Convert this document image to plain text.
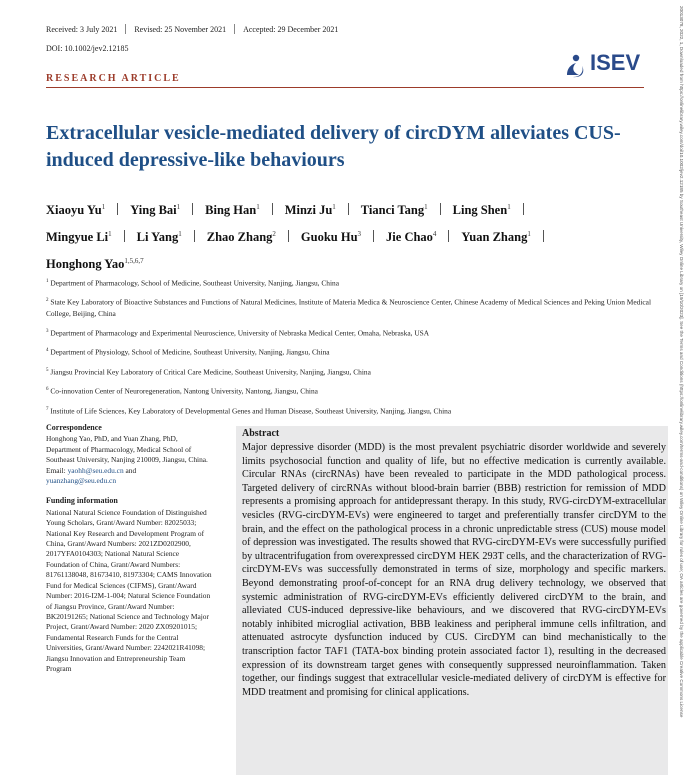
Received: 3 July 2021 Revised: 25 November 2021 Accepted: 29 December 2021
DOI: 10.1002/jev2.12185
ISEV
RESEARCH ARTICLE
Extracellular vesicle-mediated delivery of circDYM alleviates CUS-induced depressive-like behaviours
Xiaoyu Yu$^1$ Ying Bai$^1$ Bing Han$^1$ Minzi Ju$^1$ Tianci Tang$^1$ Ling Shen$^1$
Mingyue Li$^1$ Li Yang$^1$ Zhao Zhang$^2$ Guoku Hu$^3$ Jie Chao$^4$ Yuan Zhang$^1$
Honghong Yao$^{1,5,6,7}$
$^1$ Department of Pharmacology, School of Medicine, Southeast University, Nanjing, Jiangsu, China
$^2$ State Key Laboratory of Bioactive Substances and Functions of Natural Medicines, Institute of Materia Medica & Neuroscience Center, Chinese Academy of Medical Sciences and Peking Union Medical College, Beijing, China
$^3$ Department of Pharmacology and Experimental Neuroscience, University of Nebraska Medical Center, Omaha, Nebraska, USA
$^4$ Department of Physiology, School of Medicine, Southeast University, Nanjing, Jiangsu, China
$^5$ Jiangsu Provincial Key Laboratory of Critical Care Medicine, Southeast University, Nanjing, Jiangsu, China
$^6$ Co-innovation Center of Neuroregeneration, Nantong University, Nantong, Jiangsu, China
$^7$ Institute of Life Sciences, Key Laboratory of Developmental Genes and Human Disease, Southeast University, Nanjing, Jiangsu, China
Correspondence
Honghong Yao, PhD, and Yuan Zhang, PhD, Department of Pharmacology, Medical School of Southeast University, Nanjing 210009, Jiangsu, China.
Email: yaohh@seu.edu.cn and
yuanzhang@seu.edu.cn
Funding information
National Natural Science Foundation of Distinguished Young Scholars, Grant/Award Number: 82025033; National Key Research and Development Program of China, Grant/Award Numbers: 2021ZD0202900, 2017YFA0104303; National Natural Science Foundation of China, Grant/Award Numbers: 81761138048, 81673410, 81973304; CAMS Innovation Fund for Medical Sciences (CIFMS), Grant/Award Number: 2016-I2M-1-004; Natural Science Foundation of Jiangsu Province, Grant/Award Number: BK20191265; National Science and Technology Major Project, Grant/Award Number: 2020 ZX09201015; Fundamental Research Funds for the Central Universities, Grant/Award Number: 2242021R41098; Jiangsu Innovation and Entrepreneurship Team Program
Abstract
Major depressive disorder (MDD) is the most prevalent psychiatric disorder worldwide and severely limits psychosocial function and quality of life, but no effective medication is currently available. Circular RNAs (circRNAs) have been revealed to participate in the MDD pathological process. Targeted delivery of circRNAs without blood-brain barrier (BBB) restriction for remission of MDD represents a promising approach for antidepressant therapy. In this study, RVG-circDYM-extracellular vesicles (RVG-circDYM-EVs) were engineered to target and preferentially transfer circDYM to the brain, and the effect on the pathological process in a chronic unpredictable stress (CUS) mouse model of depression was investigated. The results showed that RVG-circDYM-EVs were successfully purified by ultracentrifugation from overexpressed circDYM HEK 293T cells, and the characterization of RVG-circDYM-EVs was successfully demonstrated in terms of size, morphology and specific markers. Beyond demonstrating proof-of-concept for an RNA drug delivery technology, we observed that systemic administration of RVG-circDYM-EVs efficiently delivered circDYM to the brain, and alleviated CUS-induced depressive-like behaviours, and we discovered that RVG-circDYM-EVs notably inhibited microglial activation, BBB leakiness and peripheral immune cells infiltration, and attenuated astrocyte dysfunction induced by CUS. CircDYM can bind mechanistically to the transcription factor TAF1 (TATA-box binding protein associated factor 1), resulting in the decreased expression of its downstream target genes with consequently suppressed neuroinflammation. Taken together, our findings suggest that extracellular vesicle-mediated delivery of circDYM is effective for MDD treatment and promising for clinical applications.	20013078, 2022, 1, Downloaded from https://onlinelibrary.wiley.com/doi/10.1002/jev2.12185 by Southeast University, Wiley Online Library on [19/10/2023]. See the Terms and Conditions (https://onlinelibrary.wiley.com/terms-and-conditions) on Wiley Online Library for rules of use; OA articles are governed by the applicable Creative Commons License
